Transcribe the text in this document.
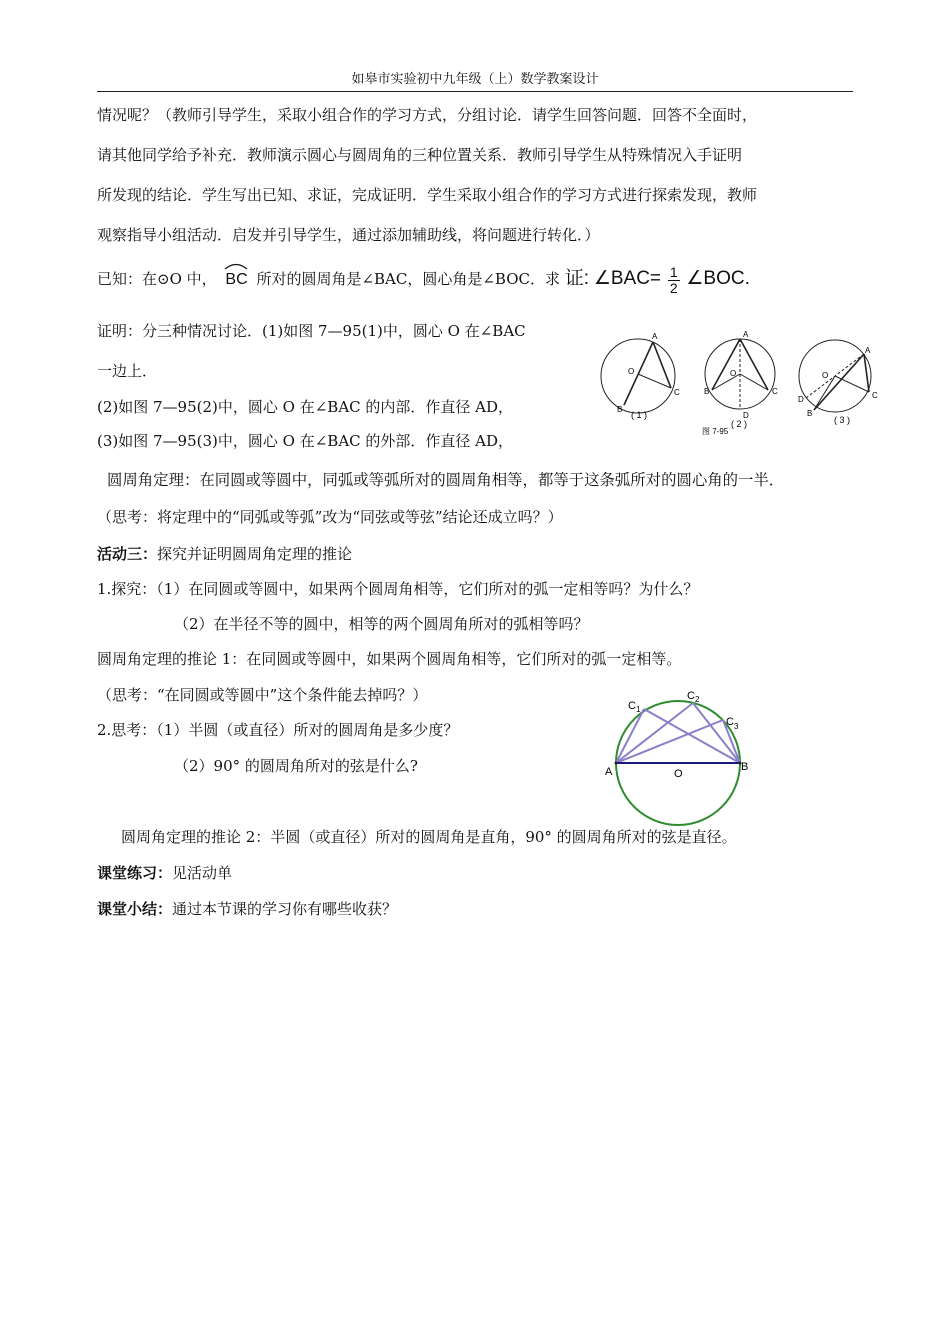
如皋市实验初中九年级（上）数学教案设计
情况呢？（教师引导学生，采取小组合作的学习方式，分组讨论．请学生回答问题．回答不全面时，
请其他同学给予补充．教师演示圆心与圆周角的三种位置关系．教师引导学生从特殊情况入手证明
所发现的结论．学生写出已知、求证，完成证明．学生采取小组合作的学习方式进行探索发现，教师
观察指导小组活动．启发并引导学生，通过添加辅助线，将问题进行转化．）
已知：在⊙O 中， BC 所对的圆周角是∠BAC，圆心角是∠BOC．求 证: ∠BAC= $\frac{1}{2}$ ∠BOC.
证明：分三种情况讨论．(1)如图 7—95(1)中，圆心 O 在∠BAC
一边上．
(2)如图 7—95(2)中，圆心 O 在∠BAC 的内部．作直径 AD，
(3)如图 7—95(3)中，圆心 O 在∠BAC 的外部．作直径 AD，
A
O
B
C
( 1 )
A
O
B	C
D
( 2 )
A
O
B
C
D
( 3 )
图 7-95
圆周角定理：在同圆或等圆中，同弧或等弧所对的圆周角相等，都等于这条弧所对的圆心角的一半．
（思考：将定理中的“同弧或等弧”改为“同弦或等弦”结论还成立吗？）
活动三：探究并证明圆周角定理的推论
1.探究：（1）在同圆或等圆中，如果两个圆周角相等，它们所对的弧一定相等吗？为什么？
（2）在半径不等的圆中，相等的两个圆周角所对的弧相等吗？
圆周角定理的推论 1：在同圆或等圆中，如果两个圆周角相等，它们所对的弧一定相等。
（思考：“在同圆或等圆中”这个条件能去掉吗？）
2.思考：（1）半圆（或直径）所对的圆周角是多少度？
（2）90° 的圆周角所对的弦是什么?	A	B
O
C 1
C 2
C 3
圆周角定理的推论 2：半圆（或直径）所对的圆周角是直角，90° 的圆周角所对的弦是直径。
课堂练习：见活动单
课堂小结：通过本节课的学习你有哪些收获？
